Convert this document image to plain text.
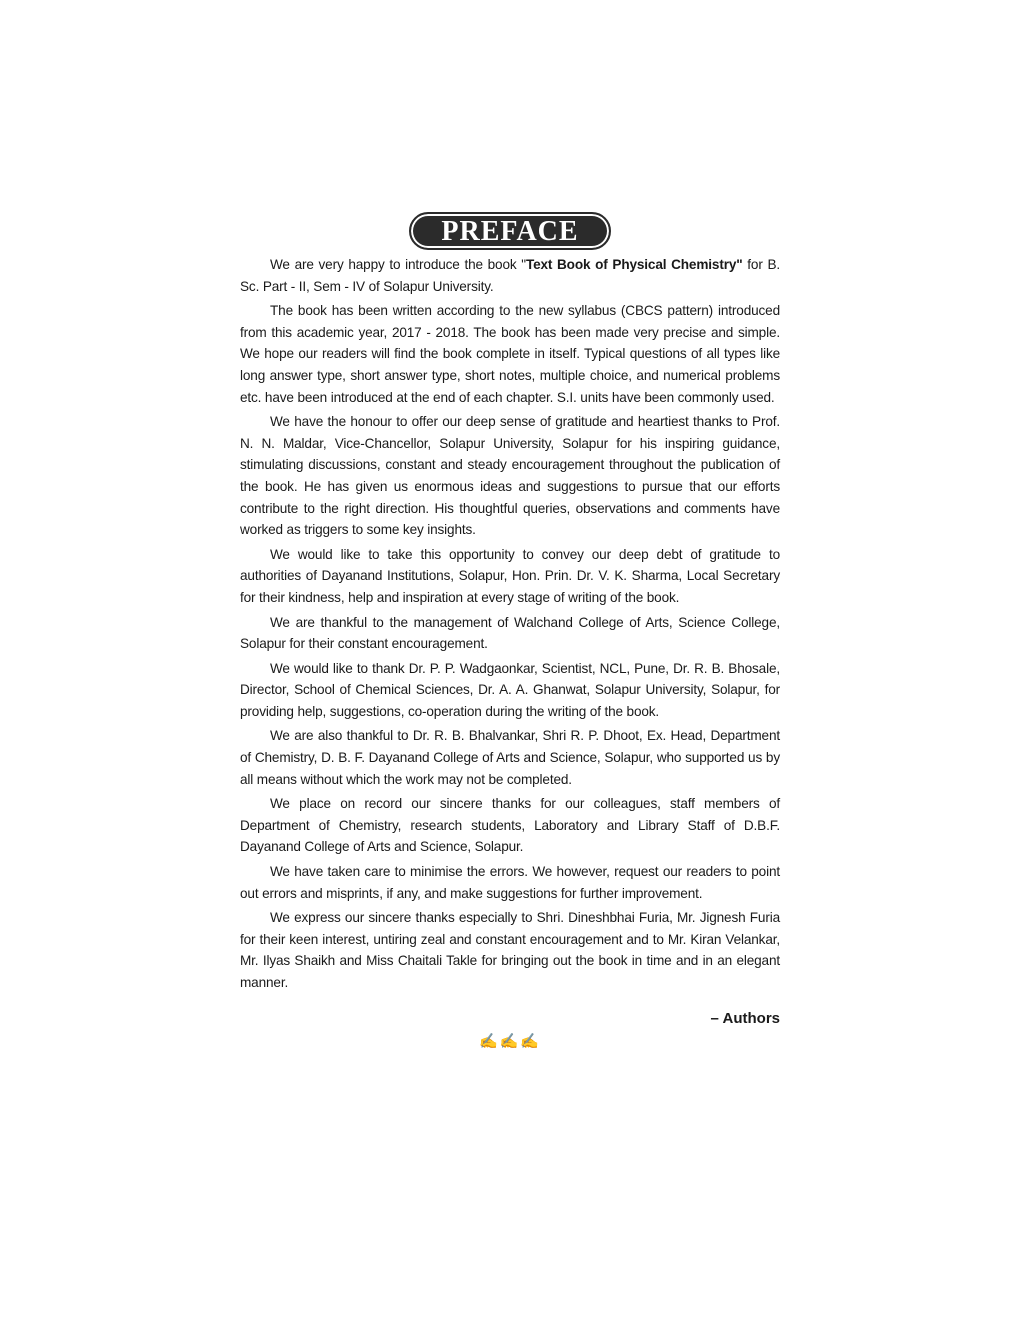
PREFACE

We are very happy to introduce the book "Text Book of Physical Chemistry" for B. Sc. Part - II, Sem - IV of Solapur University.

The book has been written according to the new syllabus (CBCS pattern) introduced from this academic year, 2017 - 2018. The book has been made very precise and simple. We hope our readers will find the book complete in itself. Typical questions of all types like long answer type, short answer type, short notes, multiple choice, and numerical problems etc. have been introduced at the end of each chapter. S.I. units have been commonly used.

We have the honour to offer our deep sense of gratitude and heartiest thanks to Prof. N. N. Maldar, Vice-Chancellor, Solapur University, Solapur for his inspiring guidance, stimulating discussions, constant and steady encouragement throughout the publication of the book. He has given us enormous ideas and suggestions to pursue that our efforts contribute to the right direction. His thoughtful queries, observations and comments have worked as triggers to some key insights.

We would like to take this opportunity to convey our deep debt of gratitude to authorities of Dayanand Institutions, Solapur, Hon. Prin. Dr. V. K. Sharma, Local Secretary for their kindness, help and inspiration at every stage of writing of the book.

We are thankful to the management of Walchand College of Arts, Science College, Solapur for their constant encouragement.

We would like to thank Dr. P. P. Wadgaonkar, Scientist, NCL, Pune, Dr. R. B. Bhosale, Director, School of Chemical Sciences, Dr. A. A. Ghanwat, Solapur University, Solapur, for providing help, suggestions, co-operation during the writing of the book.

We are also thankful to Dr. R. B. Bhalvankar, Shri R. P. Dhoot, Ex. Head, Department of Chemistry, D. B. F. Dayanand College of Arts and Science, Solapur, who supported us by all means without which the work may not be completed.

We place on record our sincere thanks for our colleagues, staff members of Department of Chemistry, research students, Laboratory and Library Staff of D.B.F. Dayanand College of Arts and Science, Solapur.

We have taken care to minimise the errors. We however, request our readers to point out errors and misprints, if any, and make suggestions for further improvement.

We express our sincere thanks especially to Shri. Dineshbhai Furia, Mr. Jignesh Furia for their keen interest, untiring zeal and constant encouragement and to Mr. Kiran Velankar, Mr. Ilyas Shaikh and Miss Chaitali Takle for bringing out the book in time and in an elegant manner.

– Authors
✍✍✍
